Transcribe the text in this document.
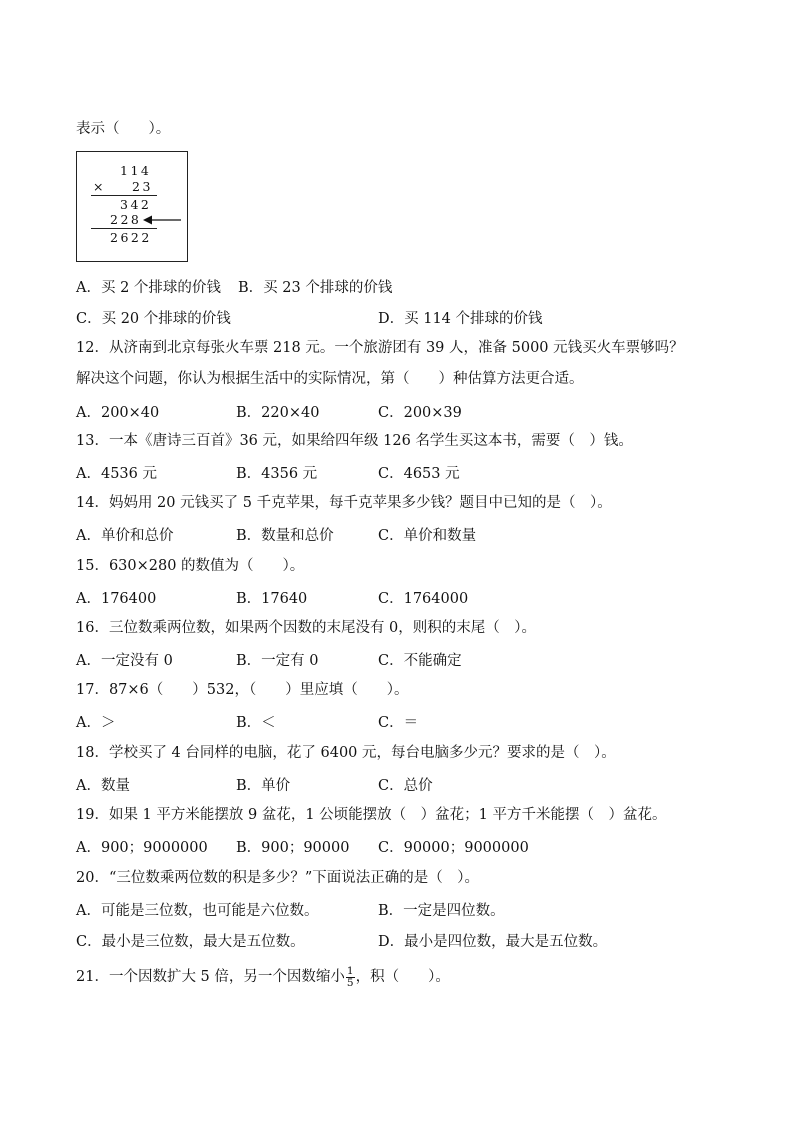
表示（　　）。
114
× 23
342
228
2622
A．买 2 个排球的价钱 B．买 23 个排球的价钱
C．买 20 个排球的价钱	D．买 114 个排球的价钱
12．从济南到北京每张火车票 218 元。一个旅游团有 39 人，准备 5000 元钱买火车票够吗？
解决这个问题，你认为根据生活中的实际情况，第（　　）种估算方法更合适。
A．200×40	B．220×40	C．200×39
13．一本《唐诗三百首》36 元，如果给四年级 126 名学生买这本书，需要（　）钱。
A．4536 元	B．4356 元	C．4653 元
14．妈妈用 20 元钱买了 5 千克苹果，每千克苹果多少钱？题目中已知的是（　）。
A．单价和总价	B．数量和总价	C．单价和数量
15．630×280 的数值为（　　）。
A．176400	B．17640	C．1764000
16．三位数乘两位数，如果两个因数的末尾没有 0，则积的末尾（　）。
A．一定没有 0	B．一定有 0	C．不能确定
17．87×6（　　）532，（　　）里应填（　　）。
A．＞	B．＜	C．＝
18．学校买了 4 台同样的电脑，花了 6400 元，每台电脑多少元？要求的是（　）。
A．数量	B．单价	C．总价
19．如果 1 平方米能摆放 9 盆花，1 公顷能摆放（　）盆花；1 平方千米能摆（　）盆花。
A．900；9000000 B．900；90000 C．90000；9000000
20．“三位数乘两位数的积是多少？”下面说法正确的是（　）。
A．可能是三位数，也可能是六位数。	B．一定是四位数。
C．最小是三位数，最大是五位数。	D．最小是四位数，最大是五位数。
21．一个因数扩大 5 倍，另一个因数缩小 $\frac{1}{5}$ ，积（　　）。
